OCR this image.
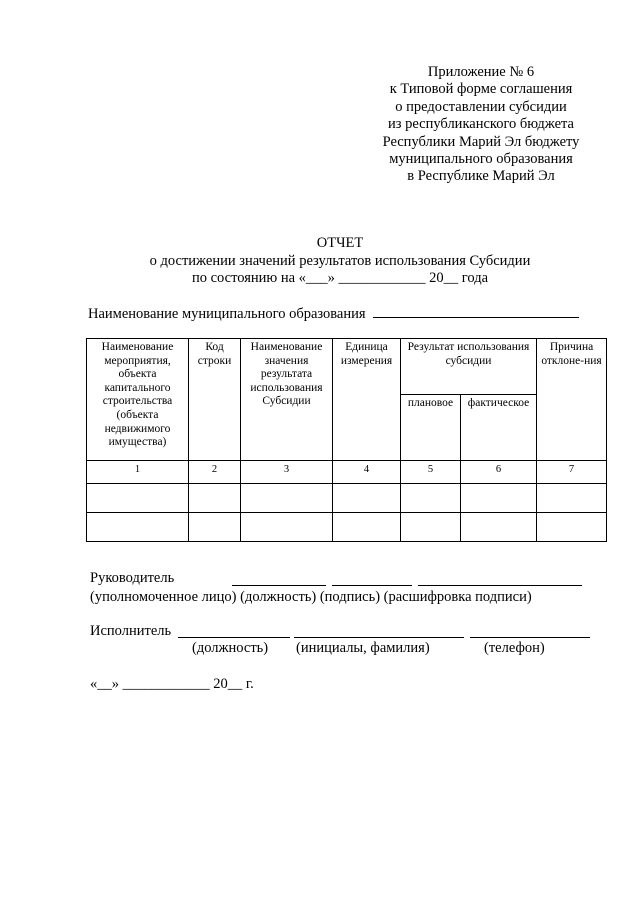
Приложение № 6
к Типовой форме соглашения
о предоставлении субсидии
из республиканского бюджета
Республики Марий Эл бюджету
муниципального образования
в Республике Марий Эл
ОТЧЕТ
о достижении значений результатов использования Субсидии
по состоянию на «___» ____________ 20__ года
Наименование муниципального образования
Наименование мероприятия, объекта капитального строительства (объекта недвижимого имущества)	Код строки	Наименование значения результата использования Субсидии	Единица измерения	Результат использования субсидии		Причина отклоне-ния
				плановое	фактическое	
1	2	3	4	5	6	7

Руководитель
(уполномоченное лицо) (должность) (подпись) (расшифровка подписи)
Исполнитель
(должность) (инициалы, фамилия)	(телефон)
«__» ____________ 20__ г.
